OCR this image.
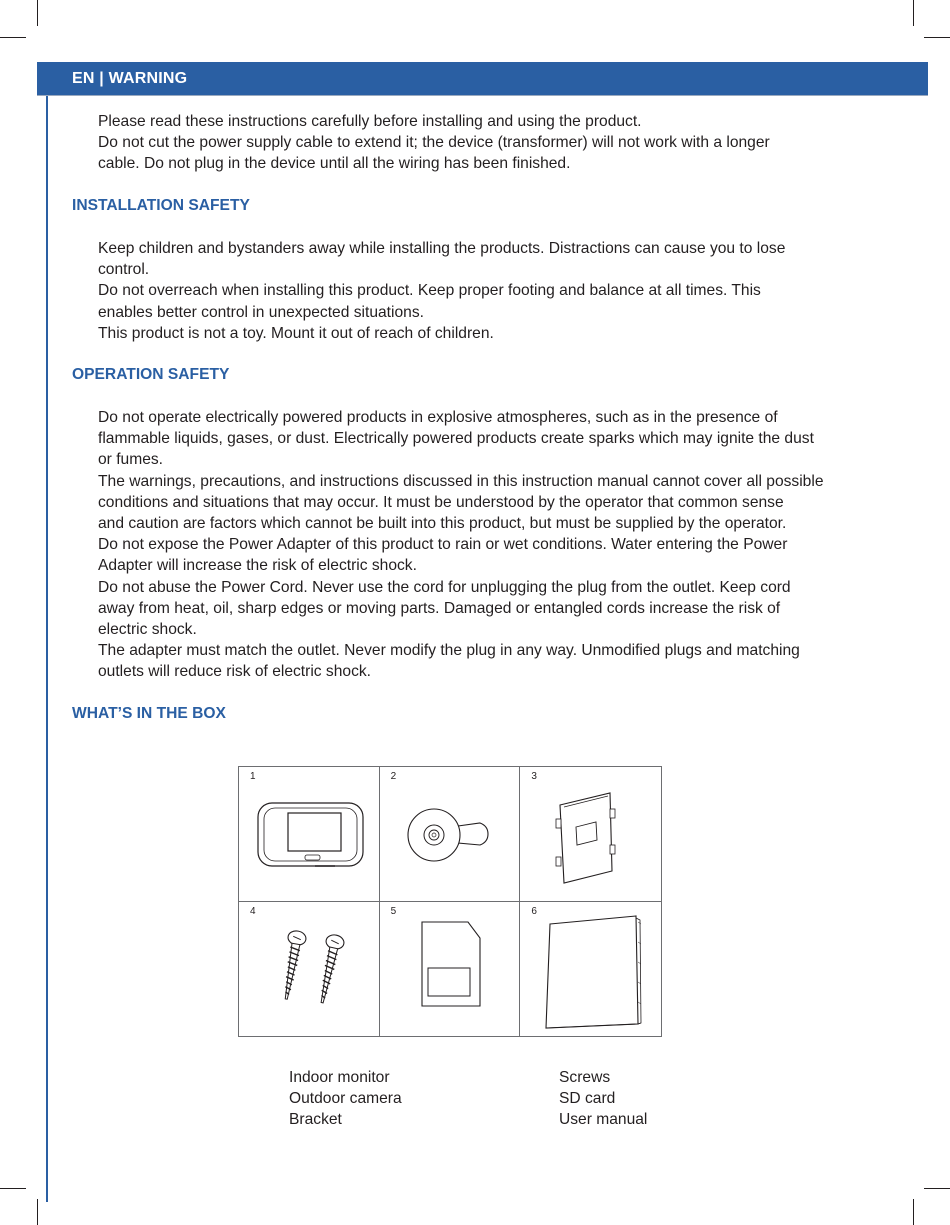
EN | WARNING

Please read these instructions carefully before installing and using the product.
Do not cut the power supply cable to extend it; the device (transformer) will not work with a longer
cable. Do not plug in the device until all the wiring has been finished.

INSTALLATION SAFETY

Keep children and bystanders away while installing the products. Distractions can cause you to lose
control.
Do not overreach when installing this product. Keep proper footing and balance at all times. This
enables better control in unexpected situations.
This product is not a toy. Mount it out of reach of children.

OPERATION SAFETY

Do not operate electrically powered products in explosive atmospheres, such as in the presence of
flammable liquids, gases, or dust. Electrically powered products create sparks which may ignite the dust
or fumes.
The warnings, precautions, and instructions discussed in this instruction manual cannot cover all possible
conditions and situations that may occur. It must be understood by the operator that common sense
and caution are factors which cannot be built into this product, but must be supplied by the operator.
Do not expose the Power Adapter of this product to rain or wet conditions. Water entering the Power
Adapter will increase the risk of electric shock.
Do not abuse the Power Cord. Never use the cord for unplugging the plug from the outlet. Keep cord
away from heat, oil, sharp edges or moving parts. Damaged or entangled cords increase the risk of
electric shock.
The adapter must match the outlet. Never modify the plug in any way. Unmodified plugs and matching
outlets will reduce risk of electric shock.

WHAT’S IN THE BOX
1	2	3
4	5	6
Indoor monitor
Outdoor camera
Bracket
Screws
SD card
User manual
